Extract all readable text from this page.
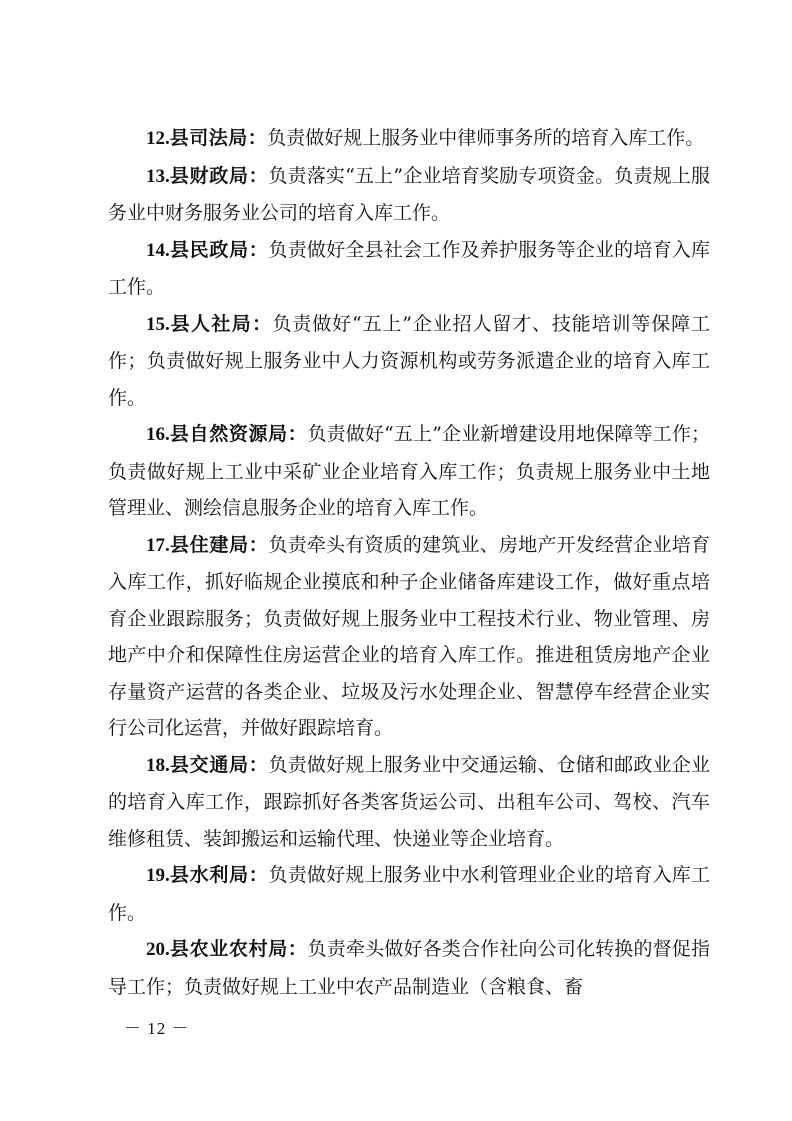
12.县司法局：负责做好规上服务业中律师事务所的培育入库工作。

13.县财政局：负责落实“五上”企业培育奖励专项资金。负责规上服务业中财务服务业公司的培育入库工作。

14.县民政局：负责做好全县社会工作及养护服务等企业的培育入库工作。

15.县人社局：负责做好“五上”企业招人留才、技能培训等保障工作；负责做好规上服务业中人力资源机构或劳务派遣企业的培育入库工作。

16.县自然资源局：负责做好“五上”企业新增建设用地保障等工作；负责做好规上工业中采矿业企业培育入库工作；负责规上服务业中土地管理业、测绘信息服务企业的培育入库工作。

17.县住建局：负责牵头有资质的建筑业、房地产开发经营企业培育入库工作，抓好临规企业摸底和种子企业储备库建设工作，做好重点培育企业跟踪服务；负责做好规上服务业中工程技术行业、物业管理、房地产中介和保障性住房运营企业的培育入库工作。推进租赁房地产企业存量资产运营的各类企业、垃圾及污水处理企业、智慧停车经营企业实行公司化运营，并做好跟踪培育。

18.县交通局：负责做好规上服务业中交通运输、仓储和邮政业企业的培育入库工作，跟踪抓好各类客货运公司、出租车公司、驾校、汽车维修租赁、装卸搬运和运输代理、快递业等企业培育。

19.县水利局：负责做好规上服务业中水利管理业企业的培育入库工作。

20.县农业农村局：负责牵头做好各类合作社向公司化转换的督促指导工作；负责做好规上工业中农产品制造业（含粮食、畜

－ 12 －
